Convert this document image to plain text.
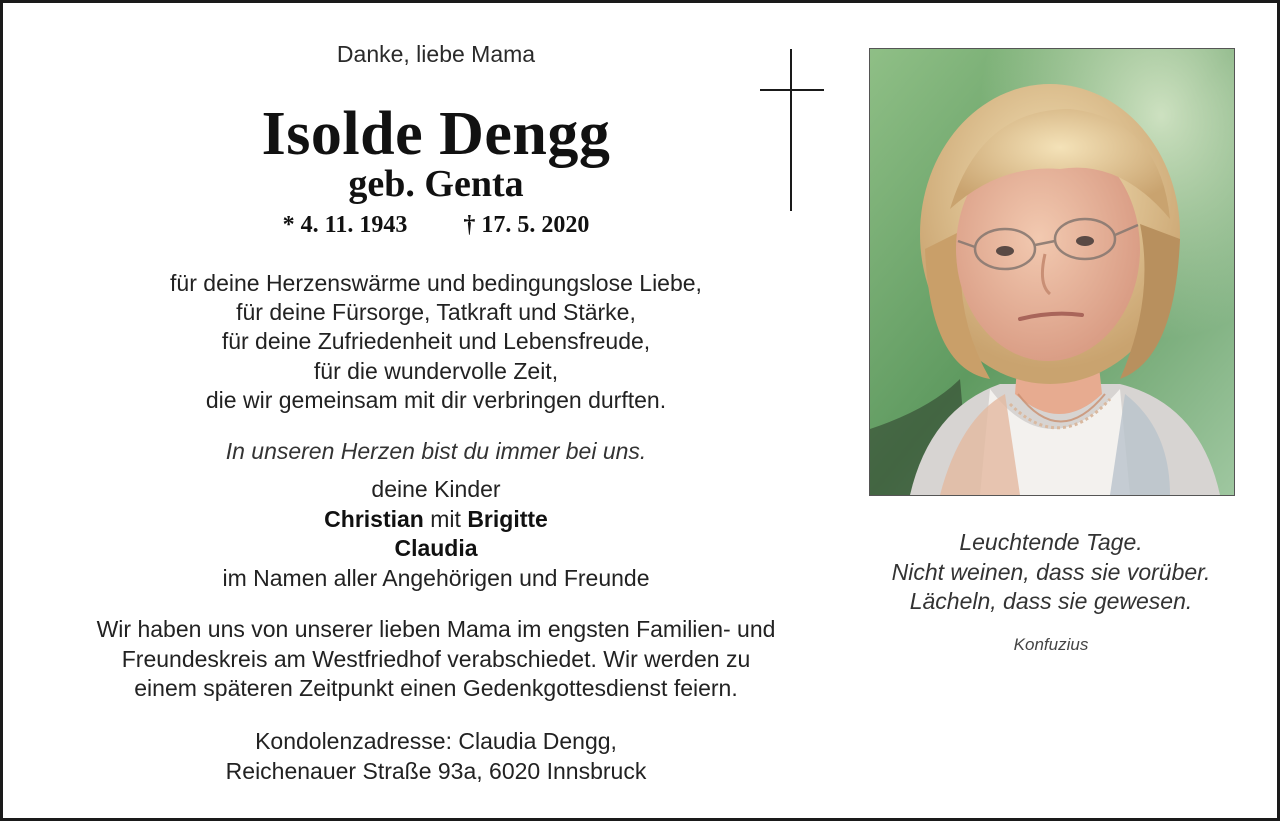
Danke, liebe Mama
Isolde Dengg
geb. Genta
* 4. 11. 1943 † 17. 5. 2020
für deine Herzenswärme und bedingungslose Liebe,
für deine Fürsorge, Tatkraft und Stärke,
für deine Zufriedenheit und Lebensfreude,
für die wundervolle Zeit,
die wir gemeinsam mit dir verbringen durften.
In unseren Herzen bist du immer bei uns.
deine Kinder
Christian mit Brigitte
Claudia
im Namen aller Angehörigen und Freunde
Wir haben uns von unserer lieben Mama im engsten Familien- und
Freundeskreis am Westfriedhof verabschiedet. Wir werden zu
einem späteren Zeitpunkt einen Gedenkgottesdienst feiern.
Kondolenzadresse: Claudia Dengg,
Reichenauer Straße 93a, 6020 Innsbruck
Leuchtende Tage.
Nicht weinen, dass sie vorüber.
Lächeln, dass sie gewesen.
Konfuzius
